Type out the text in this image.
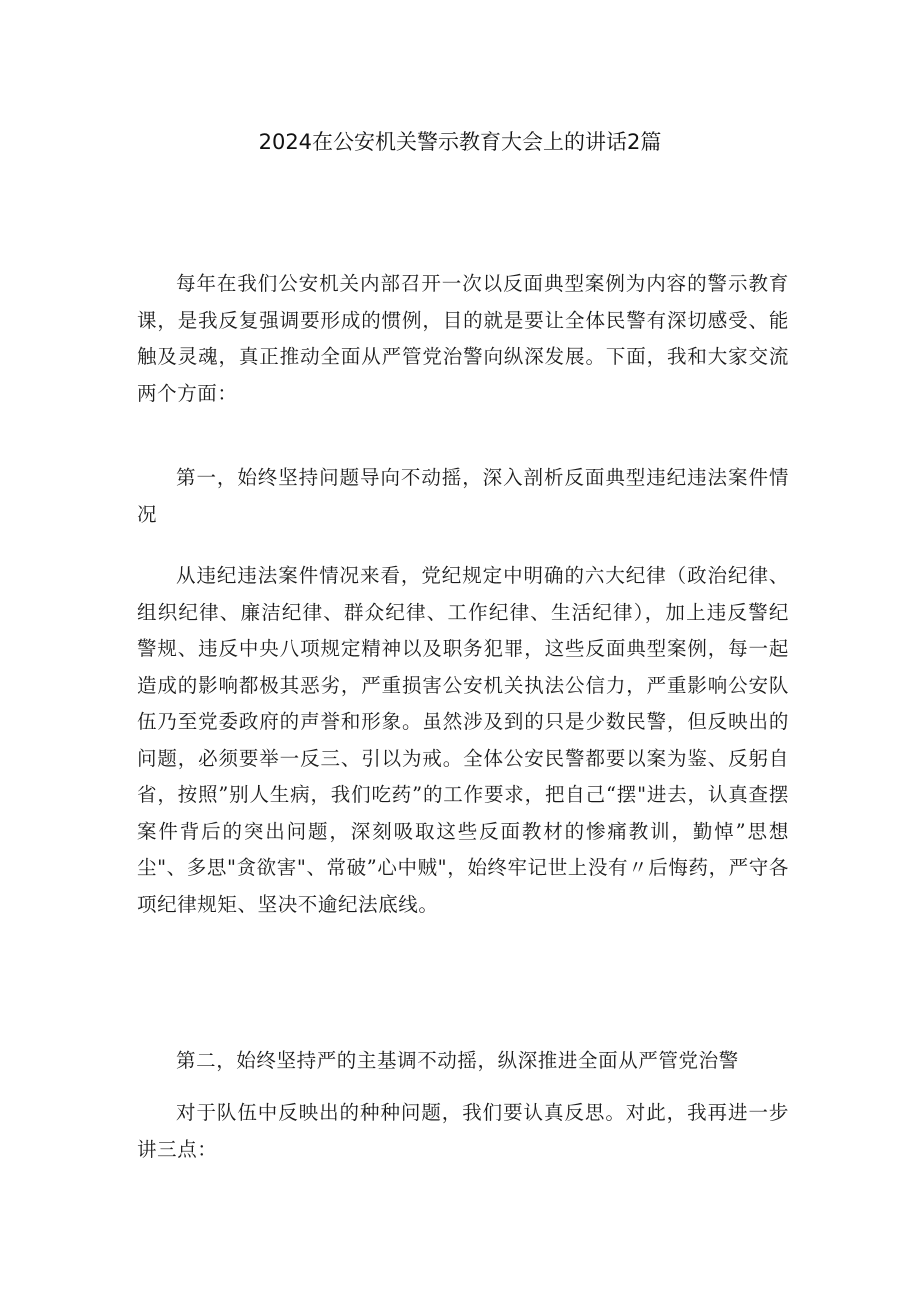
2024在公安机关警示教育大会上的讲话2篇

每年在我们公安机关内部召开一次以反面典型案例为内容的警示教育课，是我反复强调要形成的惯例，目的就是要让全体民警有深切感受、能触及灵魂，真正推动全面从严管党治警向纵深发展。下面，我和大家交流两个方面：

第一，始终坚持问题导向不动摇，深入剖析反面典型违纪违法案件情况

从违纪违法案件情况来看，党纪规定中明确的六大纪律（政治纪律、组织纪律、廉洁纪律、群众纪律、工作纪律、生活纪律），加上违反警纪警规、违反中央八项规定精神以及职务犯罪，这些反面典型案例，每一起造成的影响都极其恶劣，严重损害公安机关执法公信力，严重影响公安队伍乃至党委政府的声誉和形象。虽然涉及到的只是少数民警，但反映出的问题，必须要举一反三、引以为戒。全体公安民警都要以案为鉴、反躬自省，按照”别人生病，我们吃药”的工作要求，把自己“摆"进去，认真查摆案件背后的突出问题，深刻吸取这些反面教材的惨痛教训，勤悼”思想尘"、多思"贪欲害"、常破”心中贼"，始终牢记世上没有〃后悔药，严守各项纪律规矩、坚决不逾纪法底线。

第二，始终坚持严的主基调不动摇，纵深推进全面从严管党治警

对于队伍中反映出的种种问题，我们要认真反思。对此，我再进一步讲三点：
